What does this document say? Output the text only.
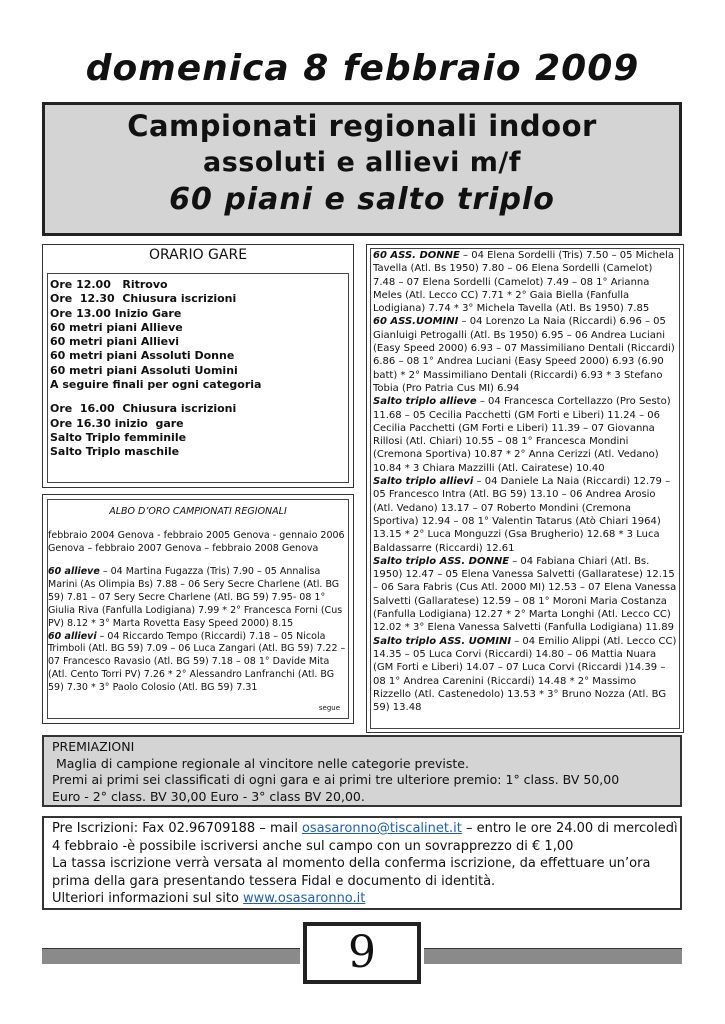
domenica 8 febbraio 2009
Campionati regionali indoor
assoluti e allievi m/f
60 piani e salto triplo
ORARIO GARE
Ore 12.00   Ritrovo
Ore  12.30  Chiusura iscrizioni
Ore 13.00 Inizio Gare
60 metri piani Allieve
60 metri piani Allievi
60 metri piani Assoluti Donne
60 metri piani Assoluti Uomini
A seguire finali per ogni categoria
Ore  16.00  Chiusura iscrizioni
Ore 16.30 inizio  gare
Salto Triplo femminile
Salto Triplo maschile
ALBO D’ORO CAMPIONATI REGIONALI
febbraio 2004 Genova - febbraio 2005 Genova - gennaio 2006
Genova – febbraio 2007 Genova – febbraio 2008 Genova
60 allieve – 04 Martina Fugazza (Tris) 7.90 – 05 Annalisa Marini (As Olimpia Bs) 7.88 – 06 Sery Secre Charlene (Atl. BG 59) 7.81 – 07 Sery Secre Charlene (Atl. BG 59) 7.95- 08 1° Giulia Riva (Fanfulla Lodigiana) 7.99 * 2° Francesca Forni (Cus PV) 8.12 * 3° Marta Rovetta Easy Speed 2000) 8.15
60 allievi – 04 Riccardo Tempo (Riccardi) 7.18 – 05 Nicola Trimboli (Atl. BG 59) 7.09 – 06 Luca Zangari (Atl. BG 59) 7.22 – 07 Francesco Ravasio (Atl. BG 59) 7.18 – 08 1° Davide Mita (Atl. Cento Torri PV) 7.26 * 2° Alessandro Lanfranchi (Atl. BG 59) 7.30 * 3° Paolo Colosio (Atl. BG 59) 7.31
segue
60 ASS. DONNE – 04 Elena Sordelli (Tris) 7.50 – 05 Michela Tavella (Atl. Bs 1950) 7.80 – 06 Elena Sordelli (Camelot) 7.48 – 07 Elena Sordelli (Camelot) 7.49 – 08 1° Arianna Meles (Atl. Lecco CC) 7.71 * 2° Gaia Biella (Fanfulla Lodigiana) 7.74 * 3° Michela Tavella (Atl. Bs 1950) 7.85
60 ASS.UOMINI – 04 Lorenzo La Naia (Riccardi) 6.96 – 05 Gianluigi Petrogalli (Atl. Bs 1950) 6.95 – 06 Andrea Luciani (Easy Speed 2000) 6.93 – 07 Massimiliano Dentali (Riccardi) 6.86 – 08 1° Andrea Luciani (Easy Speed 2000) 6.93 (6.90 batt) * 2° Massimiliano Dentali (Riccardi) 6.93 * 3 Stefano Tobia (Pro Patria Cus MI) 6.94
Salto triplo allieve – 04 Francesca Cortellazzo (Pro Sesto) 11.68 – 05 Cecilia Pacchetti (GM Forti e Liberi) 11.24 – 06 Cecilia Pacchetti (GM Forti e Liberi) 11.39 – 07 Giovanna Rillosi (Atl. Chiari) 10.55 – 08 1° Francesca Mondini (Cremona Sportiva) 10.87 * 2° Anna Cerizzi (Atl. Vedano) 10.84 * 3 Chiara Mazzilli (Atl. Cairatese) 10.40
Salto triplo allievi – 04 Daniele La Naia (Riccardi) 12.79 – 05 Francesco Intra (Atl. BG 59) 13.10 – 06 Andrea Arosio (Atl. Vedano) 13.17 – 07 Roberto Mondini (Cremona Sportiva) 12.94 – 08 1° Valentin Tatarus (Atò Chiari 1964) 13.15 * 2° Luca Monguzzi (Gsa Brugherio) 12.68 * 3 Luca Baldassarre (Riccardi) 12.61
Salto triplo ASS. DONNE – 04 Fabiana Chiari (Atl. Bs. 1950) 12.47 – 05 Elena Vanessa Salvetti (Gallaratese) 12.15 – 06 Sara Fabris (Cus Atl. 2000 MI) 12.53 – 07 Elena Vanessa Salvetti (Gallaratese) 12.59 – 08 1° Moroni Maria Costanza (Fanfulla Lodigiana) 12.27 * 2° Marta Longhi (Atl. Lecco CC) 12.02 * 3° Elena Vanessa Salvetti (Fanfulla Lodigiana) 11.89
Salto triplo ASS. UOMINI – 04 Emilio Alippi (Atl. Lecco CC) 14.35 – 05 Luca Corvi (Riccardi) 14.80 – 06 Mattia Nuara (GM Forti e Liberi) 14.07 – 07 Luca Corvi (Riccardi )14.39 – 08 1° Andrea Carenini (Riccardi) 14.48 * 2° Massimo Rizzello (Atl. Castenedolo) 13.53 * 3° Bruno Nozza (Atl. BG 59) 13.48
PREMIAZIONI
Maglia di campione regionale al vincitore nelle categorie previste.
Premi ai primi sei classificati di ogni gara e ai primi tre ulteriore premio: 1° class. BV 50,00
Euro - 2° class. BV 30,00 Euro - 3° class BV 20,00.
Pre Iscrizioni: Fax 02.96709188 – mail osasaronno@tiscalinet.it – entro le ore 24.00 di mercoledì
4 febbraio -è possibile iscriversi anche sul campo con un sovrapprezzo di € 1,00
La tassa iscrizione verrà versata al momento della conferma iscrizione, da effettuare un’ora
prima della gara presentando tessera Fidal e documento di identità.
Ulteriori informazioni sul sito www.osasaronno.it
9
